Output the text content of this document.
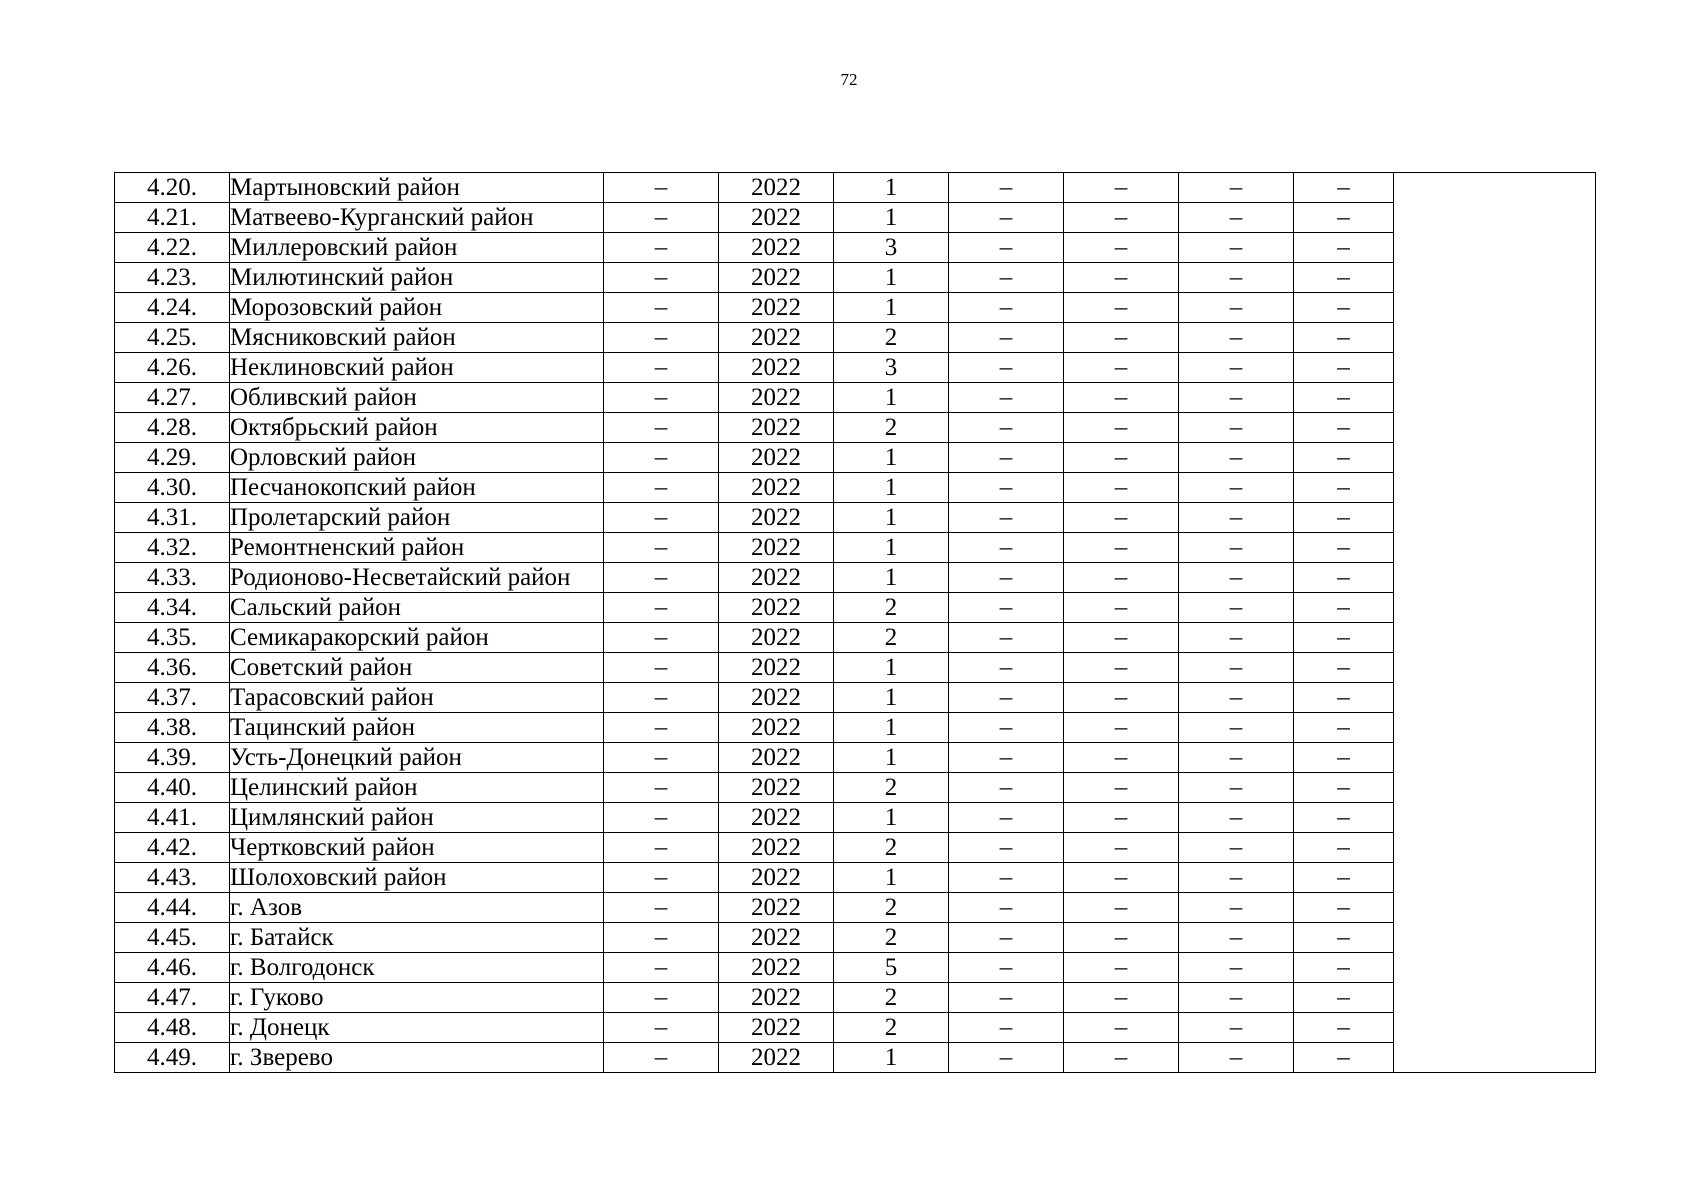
72
4.20.	Мартыновский район	–	2022	1	–	–	–	–	
4.21.	Матвеево-Курганский район	–	2022	1	–	–	–	–	
4.22.	Миллеровский район	–	2022	3	–	–	–	–	
4.23.	Милютинский район	–	2022	1	–	–	–	–	
4.24.	Морозовский район	–	2022	1	–	–	–	–	
4.25.	Мясниковский район	–	2022	2	–	–	–	–	
4.26.	Неклиновский район	–	2022	3	–	–	–	–	
4.27.	Обливский район	–	2022	1	–	–	–	–	
4.28.	Октябрьский район	–	2022	2	–	–	–	–	
4.29.	Орловский район	–	2022	1	–	–	–	–	
4.30.	Песчанокопский район	–	2022	1	–	–	–	–	
4.31.	Пролетарский район	–	2022	1	–	–	–	–	
4.32.	Ремонтненский район	–	2022	1	–	–	–	–	
4.33.	Родионово-Несветайский район	–	2022	1	–	–	–	–	
4.34.	Сальский район	–	2022	2	–	–	–	–	
4.35.	Семикаракорский район	–	2022	2	–	–	–	–	
4.36.	Советский район	–	2022	1	–	–	–	–	
4.37.	Тарасовский район	–	2022	1	–	–	–	–	
4.38.	Тацинский район	–	2022	1	–	–	–	–	
4.39.	Усть-Донецкий район	–	2022	1	–	–	–	–	
4.40.	Целинский район	–	2022	2	–	–	–	–	
4.41.	Цимлянский район	–	2022	1	–	–	–	–	
4.42.	Чертковский район	–	2022	2	–	–	–	–	
4.43.	Шолоховский район	–	2022	1	–	–	–	–	
4.44.	г. Азов	–	2022	2	–	–	–	–	
4.45.	г. Батайск	–	2022	2	–	–	–	–	
4.46.	г. Волгодонск	–	2022	5	–	–	–	–	
4.47.	г. Гуково	–	2022	2	–	–	–	–	
4.48.	г. Донецк	–	2022	2	–	–	–	–	
4.49.	г. Зверево	–	2022	1	–	–	–	–	
